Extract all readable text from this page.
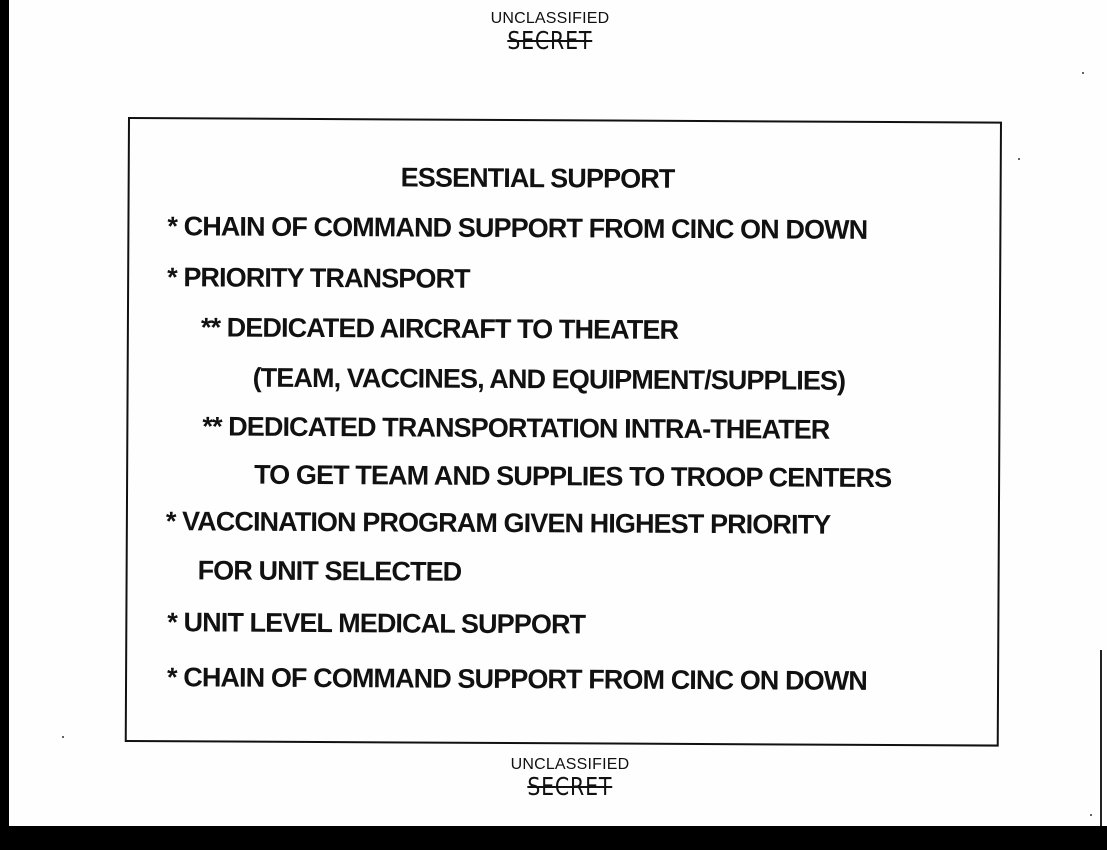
UNCLASSIFIED
SECRET
ESSENTIAL SUPPORT
* CHAIN OF COMMAND SUPPORT FROM CINC ON DOWN
* PRIORITY TRANSPORT
** DEDICATED AIRCRAFT TO THEATER
(TEAM, VACCINES, AND EQUIPMENT/SUPPLIES)
** DEDICATED TRANSPORTATION INTRA-THEATER
TO GET TEAM AND SUPPLIES TO TROOP CENTERS
* VACCINATION PROGRAM GIVEN HIGHEST PRIORITY
FOR UNIT SELECTED
* UNIT LEVEL MEDICAL SUPPORT
* CHAIN OF COMMAND SUPPORT FROM CINC ON DOWN
UNCLASSIFIED
SECRET
